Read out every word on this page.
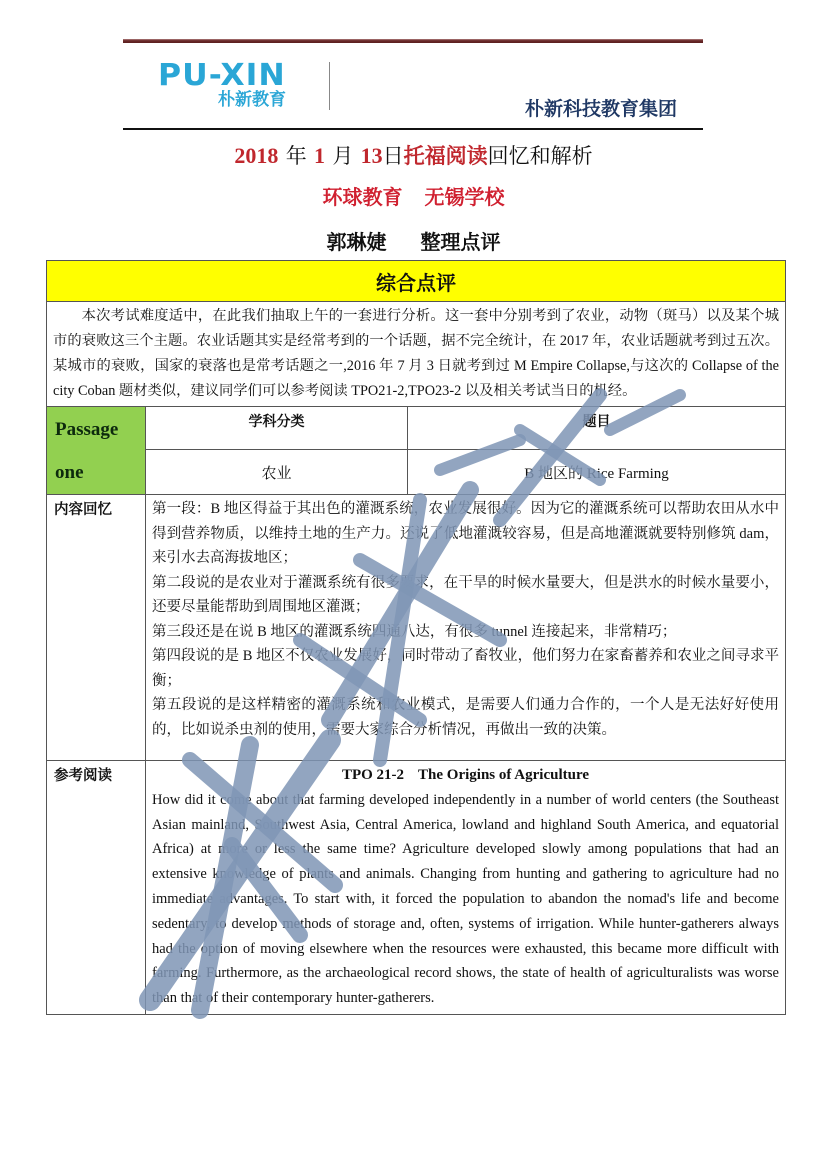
PU-XIN
朴新教育	朴新科技教育集团
2018 年 1 月 13日托福阅读回忆和解析
环球教育 无锡学校
郭琳婕 整理点评
综合点评		

本次考试难度适中，在此我们抽取上午的一套进行分析。这一套中分别考到了农业，动物（斑马）以及某个城市的衰败这三个主题。农业话题其实是经常考到的一个话题，据不完全统计，在 2017 年，农业话题就考到过五次。某城市的衰败，国家的衰落也是常考话题之一,2016 年 7 月 3 日就考到过 M Empire Collapse,与这次的 Collapse of the city Coban 题材类似，建议同学们可以参考阅读 TPO21-2,TPO23-2 以及相关考试当日的机经。		

Passage
one	学科分类	题目
	农业	B 地区的 Rice Farming
内容回忆	第一段：B 地区得益于其出色的灌溉系统，农业发展很好。因为它的灌溉系统可以帮助农田从水中得到营养物质，以维持土地的生产力。还说了低地灌溉较容易，但是高地灌溉就要特别修筑 dam，来引水去高海拔地区；

第二段说的是农业对于灌溉系统有很多要求，在干旱的时候水量要大，但是洪水的时候水量要小，还要尽量能帮助到周围地区灌溉；

第三段还是在说 B 地区的灌溉系统四通八达，有很多 tunnel 连接起来，非常精巧；

第四段说的是 B 地区不仅农业发展好，同时带动了畜牧业，他们努力在家畜蓄养和农业之间寻求平衡；

第五段说的是这样精密的灌溉系统和农业模式，是需要人们通力合作的，一个人是无法好好使用的，比如说杀虫剂的使用，需要大家综合分析情况，再做出一致的决策。	

参考阅读	TPO 21-2 The Origins of Agriculture

How did it come about that farming developed independently in a number of world centers (the Southeast Asian mainland, Southwest Asia, Central America, lowland and highland South America, and equatorial Africa) at more or less the same time? Agriculture developed slowly among populations that had an extensive knowledge of plants and animals. Changing from hunting and gathering to agriculture had no immediate advantages. To start with, it forced the population to abandon the nomad's life and become sedentary, to develop methods of storage and, often, systems of irrigation. While hunter-gatherers always had the option of moving elsewhere when the resources were exhausted, this became more difficult with farming. Furthermore, as the archaeological record shows, the state of health of agriculturalists was worse than that of their contemporary hunter-gatherers.	
